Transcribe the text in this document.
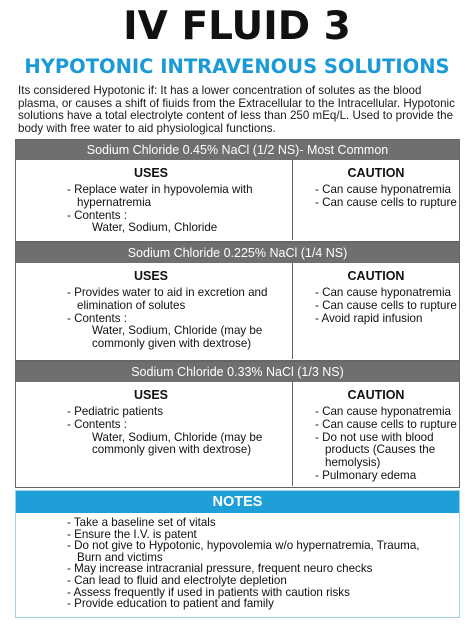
IV FLUID 3
HYPOTONIC INTRAVENOUS SOLUTIONS
Its considered Hypotonic if: It has a lower concentration of solutes as the blood plasma, or causes a shift of fiuids from the Extracellular to the Intracellular. Hypotonic solutions have a total electrolyte content of less than 250 mEq/L. Used to provide the body with free water to aid physiological functions.
Sodium Chloride 0.45% NaCl (1/2 NS)- Most Common
USES
- Replace water in hypovolemia with
hypernatremia
- Contents :
Water, Sodium, Chloride
CAUTION
- Can cause hyponatremia
- Can cause cells to rupture
Sodium Chloride 0.225% NaCl (1/4 NS)
USES
- Provides water to aid in excretion and
elimination of solutes
- Contents :
Water, Sodium, Chloride (may be
commonly given with dextrose)
CAUTION
- Can cause hyponatremia
- Can cause cells to rupture
- Avoid rapid infusion
Sodium Chloride 0.33% NaCl (1/3 NS)
USES
- Pediatric patients
- Contents :
Water, Sodium, Chloride (may be
commonly given with dextrose)
CAUTION
- Can cause hyponatremia
- Can cause cells to rupture
- Do not use with blood
products (Causes the
hemolysis)
- Pulmonary edema
NOTES
- Take a baseline set of vitals
- Ensure the I.V. is patent
- Do not give to Hypotonic, hypovolemia w/o hypernatremia, Trauma,
Burn and victims
- May increase intracranial pressure, frequent neuro checks
- Can lead to fluid and electrolyte depletion
- Assess frequently if used in patients with caution risks
- Provide education to patient and family
